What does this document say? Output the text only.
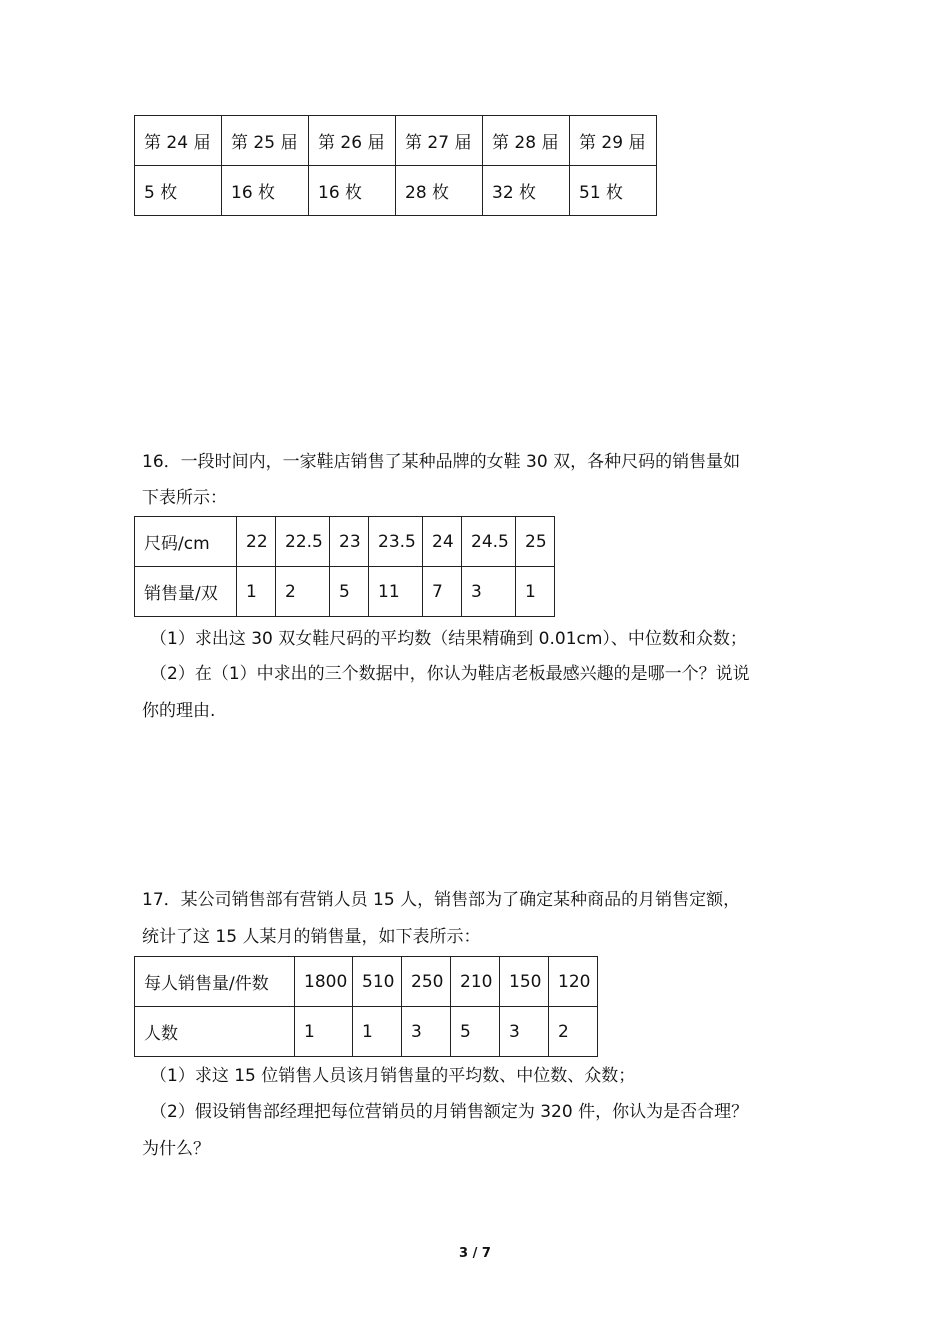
第 24 届	第 25 届	第 26 届	第 27 届	第 28 届	第 29 届
5 枚	16 枚	16 枚	28 枚	32 枚	51 枚
16．一段时间内，一家鞋店销售了某种品牌的女鞋 30 双，各种尺码的销售量如
下表所示：
尺码/cm	22	22.5	23	23.5	24	24.5	25
销售量/双	1	2	5	11	7	3	1
（1）求出这 30 双女鞋尺码的平均数（结果精确到 0.01cm）、中位数和众数；
（2）在（1）中求出的三个数据中，你认为鞋店老板最感兴趣的是哪一个？说说
你的理由.
17．某公司销售部有营销人员 15 人，销售部为了确定某种商品的月销售定额，
统计了这 15 人某月的销售量，如下表所示：
每人销售量/件数	1800	510	250	210	150	120
人数	1	1	3	5	3	2
（1）求这 15 位销售人员该月销售量的平均数、中位数、众数；
（2）假设销售部经理把每位营销员的月销售额定为 320 件，你认为是否合理？
为什么？
3 / 7
